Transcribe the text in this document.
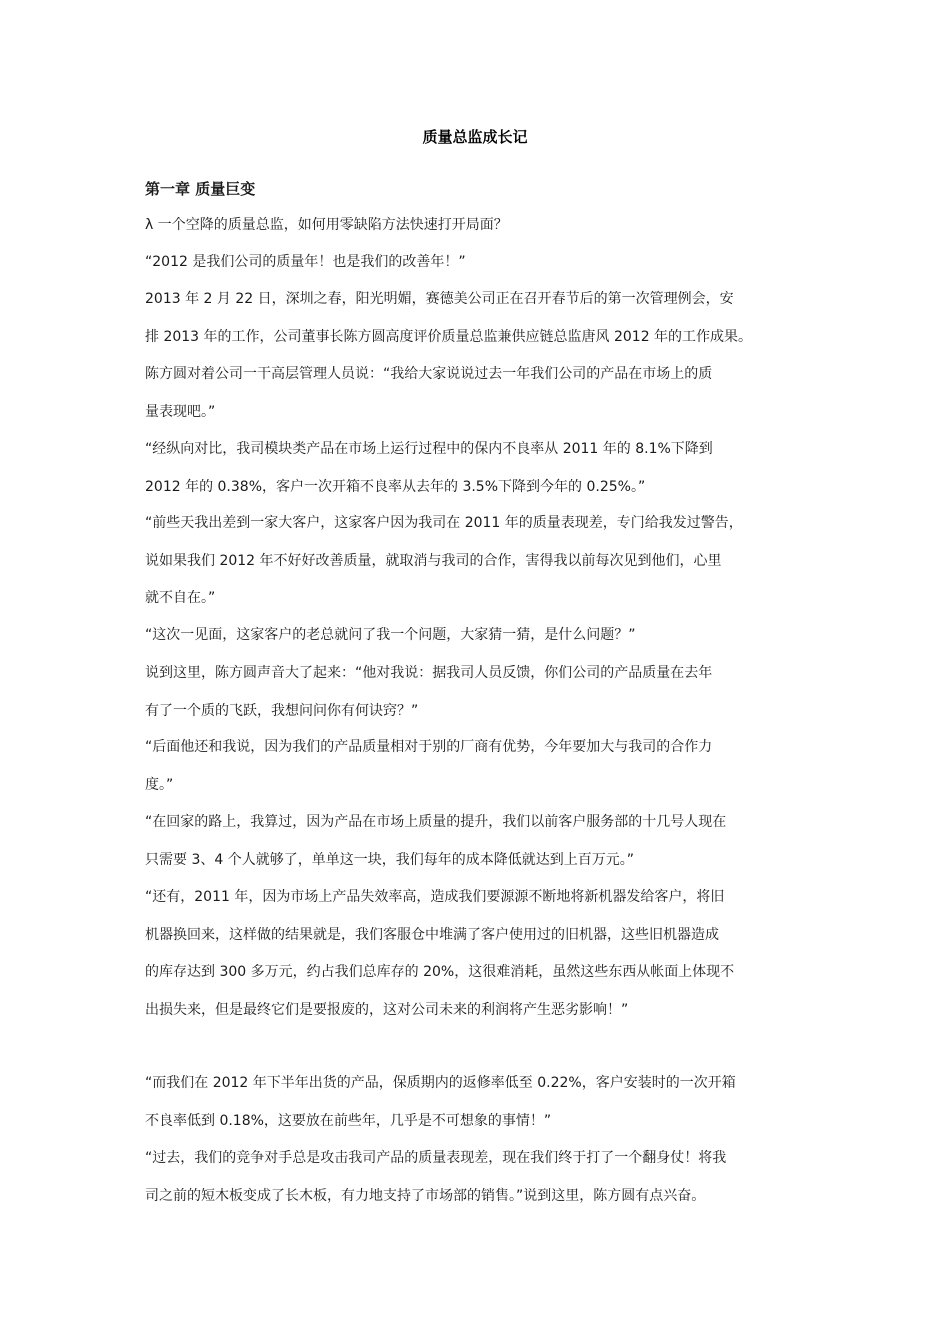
质量总监成长记
第一章 质量巨变
λ 一个空降的质量总监，如何用零缺陷方法快速打开局面？
“2012 是我们公司的质量年！也是我们的改善年！”
2013 年 2 月 22 日，深圳之春，阳光明媚，赛德美公司正在召开春节后的第一次管理例会，安
排 2013 年的工作，公司董事长陈方圆高度评价质量总监兼供应链总监唐风 2012 年的工作成果。
陈方圆对着公司一干高层管理人员说：“我给大家说说过去一年我们公司的产品在市场上的质
量表现吧。”
“经纵向对比，我司模块类产品在市场上运行过程中的保内不良率从 2011 年的 8.1%下降到
2012 年的 0.38%，客户一次开箱不良率从去年的 3.5%下降到今年的 0.25%。”
“前些天我出差到一家大客户，这家客户因为我司在 2011 年的质量表现差，专门给我发过警告，
说如果我们 2012 年不好好改善质量，就取消与我司的合作，害得我以前每次见到他们，心里
就不自在。”
“这次一见面，这家客户的老总就问了我一个问题，大家猜一猜，是什么问题？”
说到这里，陈方圆声音大了起来：“他对我说：据我司人员反馈，你们公司的产品质量在去年
有了一个质的飞跃，我想问问你有何诀窍？”
“后面他还和我说，因为我们的产品质量相对于别的厂商有优势，今年要加大与我司的合作力
度。”
“在回家的路上，我算过，因为产品在市场上质量的提升，我们以前客户服务部的十几号人现在
只需要 3、4 个人就够了，单单这一块，我们每年的成本降低就达到上百万元。”
“还有，2011 年，因为市场上产品失效率高，造成我们要源源不断地将新机器发给客户，将旧
机器换回来，这样做的结果就是，我们客服仓中堆满了客户使用过的旧机器，这些旧机器造成
的库存达到 300 多万元，约占我们总库存的 20%，这很难消耗，虽然这些东西从帐面上体现不
出损失来，但是最终它们是要报废的，这对公司未来的利润将产生恶劣影响！”
“而我们在 2012 年下半年出货的产品，保质期内的返修率低至 0.22%，客户安装时的一次开箱
不良率低到 0.18%，这要放在前些年，几乎是不可想象的事情！”
“过去，我们的竞争对手总是攻击我司产品的质量表现差，现在我们终于打了一个翻身仗！将我
司之前的短木板变成了长木板，有力地支持了市场部的销售。”说到这里，陈方圆有点兴奋。
